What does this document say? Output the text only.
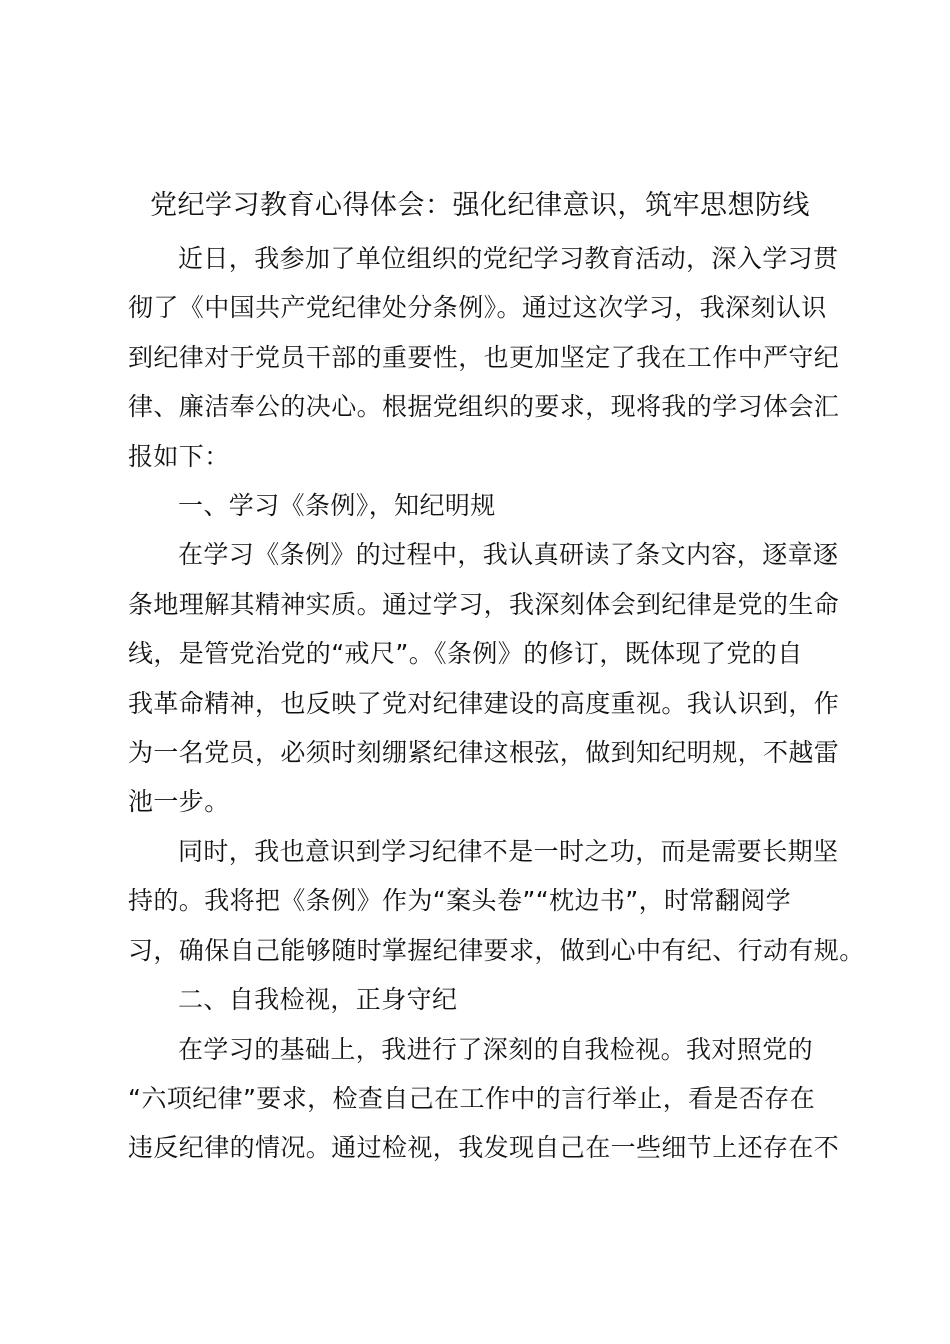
党纪学习教育心得体会：强化纪律意识，筑牢思想防线

近日，我参加了单位组织的党纪学习教育活动，深入学习贯
彻了《中国共产党纪律处分条例》。通过这次学习，我深刻认识
到纪律对于党员干部的重要性，也更加坚定了我在工作中严守纪
律、廉洁奉公的决心。根据党组织的要求，现将我的学习体会汇
报如下：

一、学习《条例》，知纪明规

在学习《条例》的过程中，我认真研读了条文内容，逐章逐
条地理解其精神实质。通过学习，我深刻体会到纪律是党的生命
线，是管党治党的“戒尺”。《条例》的修订，既体现了党的自
我革命精神，也反映了党对纪律建设的高度重视。我认识到，作
为一名党员，必须时刻绷紧纪律这根弦，做到知纪明规，不越雷
池一步。

同时，我也意识到学习纪律不是一时之功，而是需要长期坚
持的。我将把《条例》作为“案头卷”“枕边书”，时常翻阅学
习，确保自己能够随时掌握纪律要求，做到心中有纪、行动有规。

二、自我检视，正身守纪

在学习的基础上，我进行了深刻的自我检视。我对照党的
“六项纪律”要求，检查自己在工作中的言行举止，看是否存在
违反纪律的情况。通过检视，我发现自己在一些细节上还存在不
